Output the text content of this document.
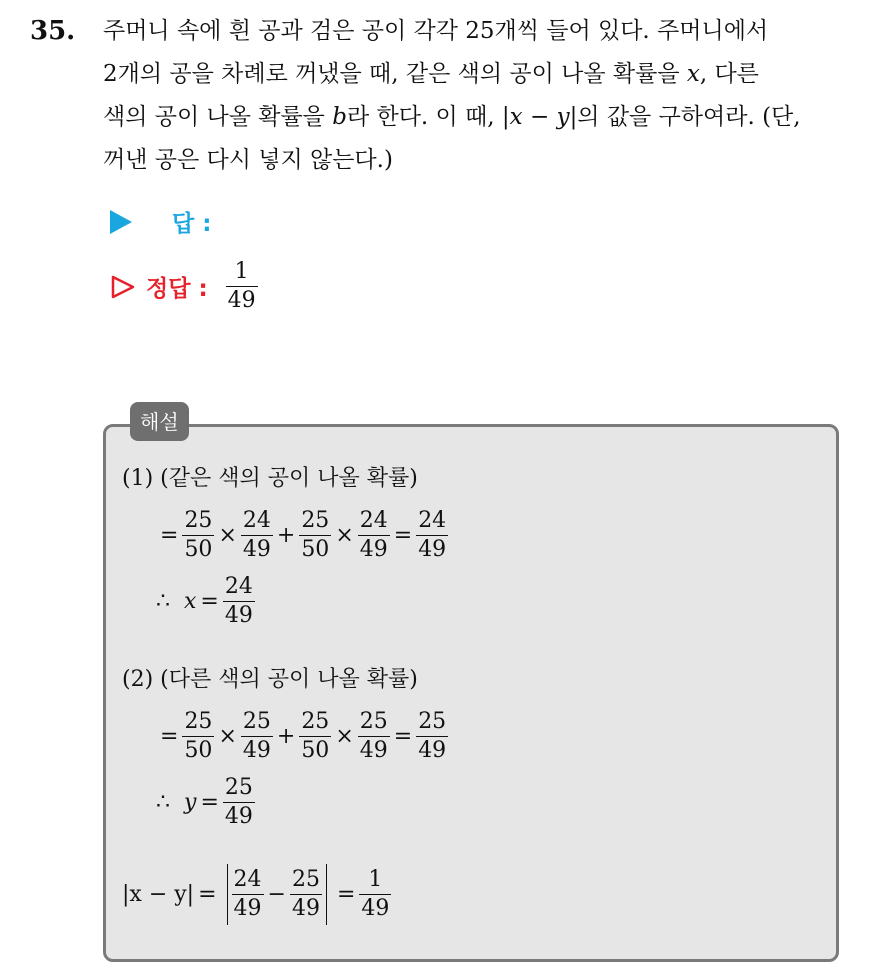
35. 주머니 속에 흰 공과 검은 공이 각각 25개씩 들어 있다. 주머니에서
2개의 공을 차례로 꺼냈을 때, 같은 색의 공이 나올 확률을 x, 다른
색의 공이 나올 확률을 b라 한다. 이 때, |x − y|의 값을 구하여라. (단,
꺼낸 공은 다시 넣지 않는다.)
답 :
정답 : $\frac{1}{49}$
해설
(1) (같은 색의 공이 나올 확률)
= $\frac{25}{50} \times \frac{24}{49} + \frac{25}{50} \times \frac{24}{49} = \frac{24}{49}$
∴ $x = \frac{24}{49}$
(2) (다른 색의 공이 나올 확률)
= $\frac{25}{50} \times \frac{25}{49} + \frac{25}{50} \times \frac{25}{49} = \frac{25}{49}$
∴ $y = \frac{25}{49}$
$|x - y| = \frac{24}{49} - \frac{25}{49} = \frac{1}{49}$
